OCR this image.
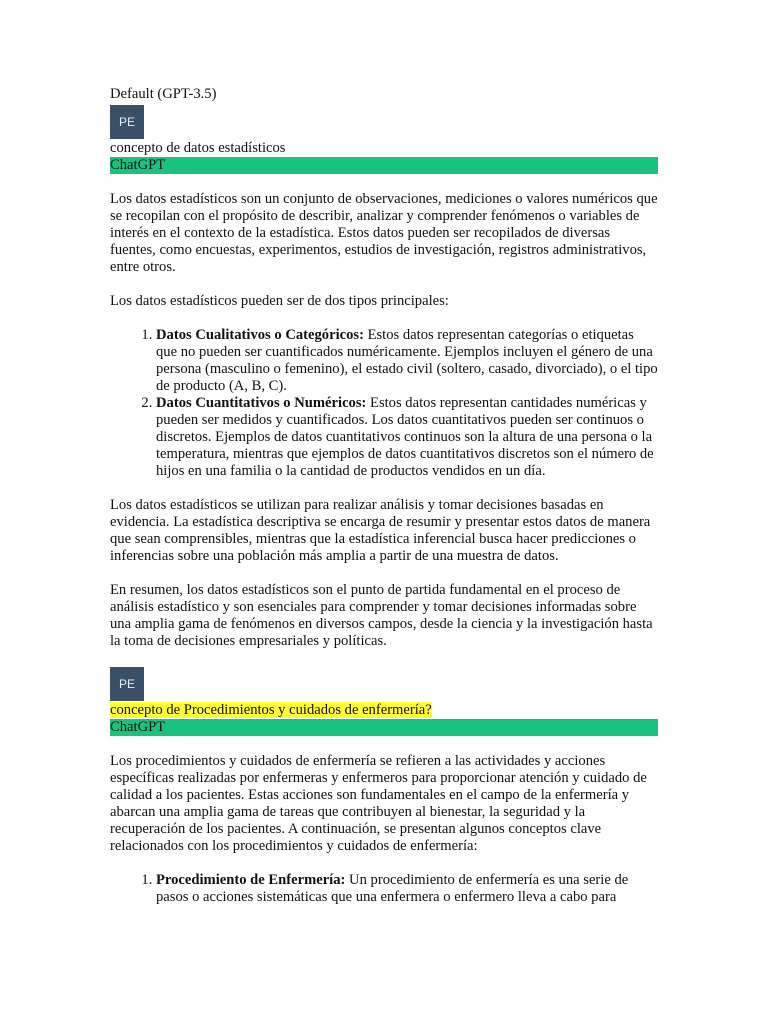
Default (GPT-3.5)
PE

concepto de datos estadísticos

ChatGPT

Los datos estadísticos son un conjunto de observaciones, mediciones o valores numéricos que se recopilan con el propósito de describir, analizar y comprender fenómenos o variables de interés en el contexto de la estadística. Estos datos pueden ser recopilados de diversas fuentes, como encuestas, experimentos, estudios de investigación, registros administrativos, entre otros.

Los datos estadísticos pueden ser de dos tipos principales:

1. Datos Cualitativos o Categóricos: Estos datos representan categorías o etiquetas que no pueden ser cuantificados numéricamente. Ejemplos incluyen el género de una persona (masculino o femenino), el estado civil (soltero, casado, divorciado), o el tipo de producto (A, B, C).
2. Datos Cuantitativos o Numéricos: Estos datos representan cantidades numéricas y pueden ser medidos y cuantificados. Los datos cuantitativos pueden ser continuos o discretos. Ejemplos de datos cuantitativos continuos son la altura de una persona o la temperatura, mientras que ejemplos de datos cuantitativos discretos son el número de hijos en una familia o la cantidad de productos vendidos en un día.

Los datos estadísticos se utilizan para realizar análisis y tomar decisiones basadas en evidencia. La estadística descriptiva se encarga de resumir y presentar estos datos de manera que sean comprensibles, mientras que la estadística inferencial busca hacer predicciones o inferencias sobre una población más amplia a partir de una muestra de datos.

En resumen, los datos estadísticos son el punto de partida fundamental en el proceso de análisis estadístico y son esenciales para comprender y tomar decisiones informadas sobre una amplia gama de fenómenos en diversos campos, desde la ciencia y la investigación hasta la toma de decisiones empresariales y políticas.

PE

concepto de Procedimientos y cuidados de enfermería?

ChatGPT

Los procedimientos y cuidados de enfermería se refieren a las actividades y acciones específicas realizadas por enfermeras y enfermeros para proporcionar atención y cuidado de calidad a los pacientes. Estas acciones son fundamentales en el campo de la enfermería y abarcan una amplia gama de tareas que contribuyen al bienestar, la seguridad y la recuperación de los pacientes. A continuación, se presentan algunos conceptos clave relacionados con los procedimientos y cuidados de enfermería:

1. Procedimiento de Enfermería: Un procedimiento de enfermería es una serie de pasos o acciones sistemáticas que una enfermera o enfermero lleva a cabo para
